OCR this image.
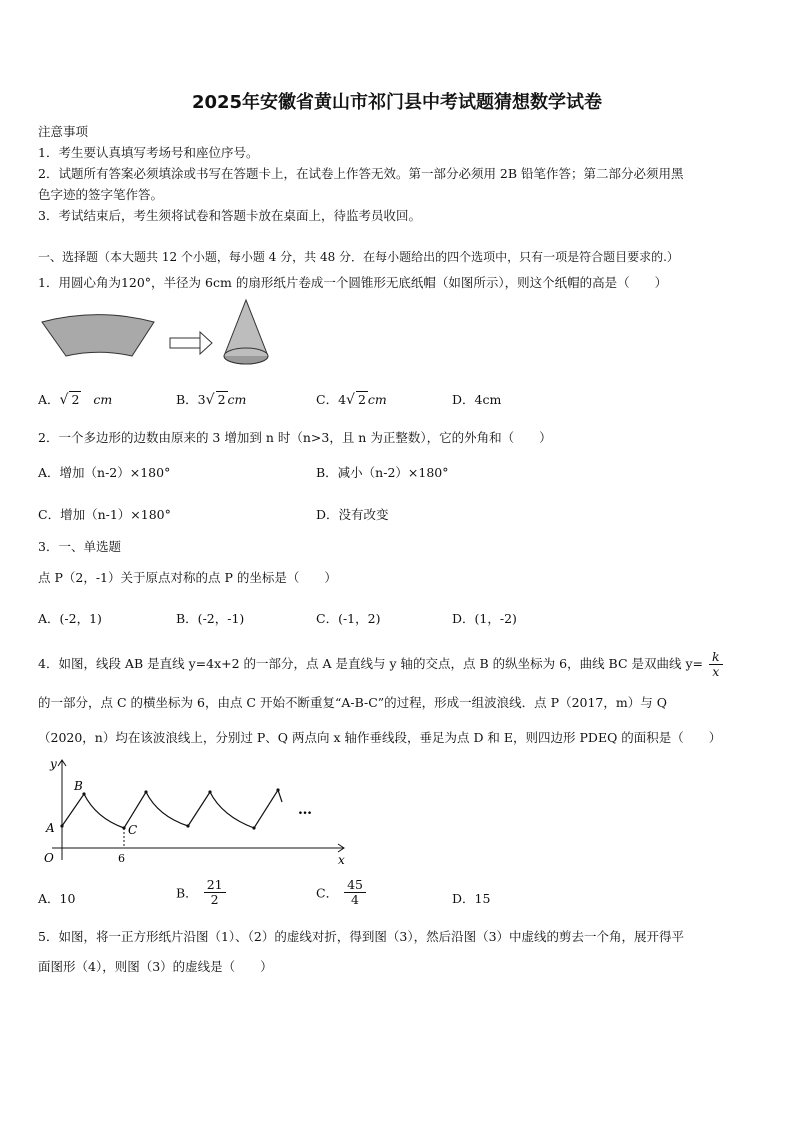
2025年安徽省黄山市祁门县中考试题猜想数学试卷
注意事项
1．考生要认真填写考场号和座位序号。
2．试题所有答案必须填涂或书写在答题卡上，在试卷上作答无效。第一部分必须用 2B 铅笔作答；第二部分必须用黑
色字迹的签字笔作答。
3．考试结束后，考生须将试卷和答题卡放在桌面上，待监考员收回。
一、选择题（本大题共 12 个小题，每小题 4 分，共 48 分．在每小题给出的四个选项中，只有一项是符合题目要求的.）
1．用圆心角为120°，半径为 6cm 的扇形纸片卷成一个圆锥形无底纸帽（如图所示），则这个纸帽的高是（　　）
A．√ 2 cm	B．3√ 2 cm	C．4√ 2 cm	D．4cm
2．一个多边形的边数由原来的 3 增加到 n 时（n>3，且 n 为正整数），它的外角和（　　）
A．增加（n-2）×180°	B．减小（n-2）×180°
C．增加（n-1）×180°	D．没有改变
3．一、单选题
点 P（2，-1）关于原点对称的点 P 的坐标是（　　）
A．(-2，1)	B．(-2，-1)	C．(-1，2)	D．(1，-2)
4．如图，线段 AB 是直线 y=4x+2 的一部分，点 A 是直线与 y 轴的交点，点 B 的纵坐标为 6，曲线 BC 是双曲线 $y= \frac{k}{x}$
的一部分，点 C 的横坐标为 6，由点 C 开始不断重复“A-B-C”的过程，形成一组波浪线．点 P（2017，m）与 Q
（2020，n）均在该波浪线上，分别过 P、Q 两点向 x 轴作垂线段，垂足为点 D 和 E，则四边形 PDEQ 的面积是（　　）
y
x
O
A
B
C
6
…
A．10	B． $\frac{21}{2}$	C． $\frac{45}{4}$	D．15
5．如图，将一正方形纸片沿图（1）、（2）的虚线对折，得到图（3），然后沿图（3）中虚线的剪去一个角，展开得平
面图形（4），则图（3）的虚线是（　　）
